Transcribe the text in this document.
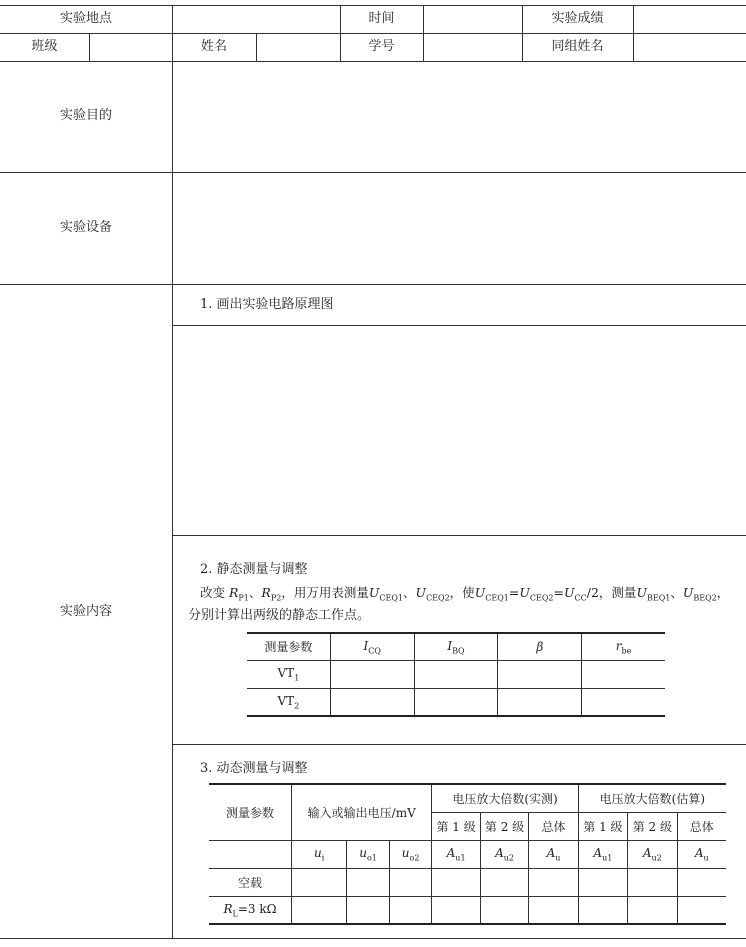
实验地点	时间	实验成绩
班级	姓名	学号	同组姓名
实验目的
实验设备
实验内容
1. 画出实验电路原理图
2. 静态测量与调整
改变 $R_{P1}$、$R_{P2}$，用万用表测量$U_{CEQ1}$、$U_{CEQ2}$，使$U_{CEQ1}=U_{CEQ2}=U_{CC}/2$，测量$U_{BEQ1}$、$U_{BEQ2}$，
分别计算出两级的静态工作点。
测量参数	$I_{CQ}$	$I_{BQ}$	β	$r_{be}$
$VT_1$				
$VT_2$				
3. 动态测量与调整
测量参数	输入或输出电压/mV			电压放大倍数(实测)			电压放大倍数(估算)		
				第 1 级	第 2 级	总体	第 1 级	第 2 级	总体
	$u_i$	$u_{o1}$	$u_{o2}$	$A_{u1}$	$A_{u2}$	$A_u$	$A_{u1}$	$A_{u2}$	$A_u$
空载									
$R_L=3$ kΩ									
